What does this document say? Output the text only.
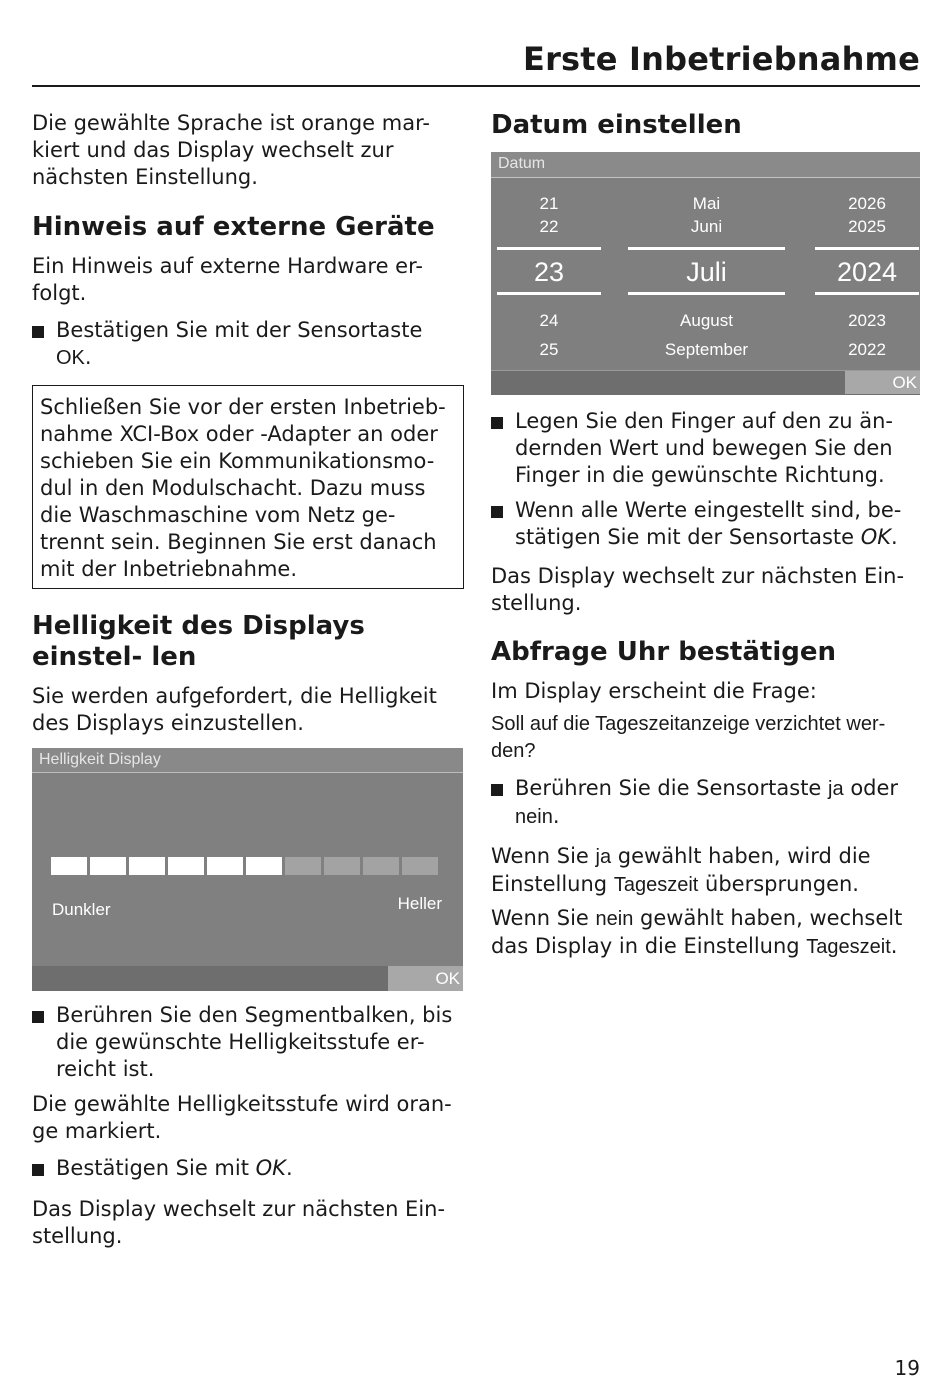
Erste Inbetriebnahme

Die gewählte Sprache ist orange mar- kiert und das Display wechselt zur nächsten Einstellung.

Hinweis auf externe Geräte

Ein Hinweis auf externe Hardware er- folgt.

Bestätigen Sie mit der Sensortaste OK.
Schließen Sie vor der ersten Inbetrieb- nahme XCI-Box oder -Adapter an oder schieben Sie ein Kommunikationsmo- dul in den Modulschacht. Dazu muss die Waschmaschine vom Netz ge- trennt sein. Beginnen Sie erst danach mit der Inbetriebnahme.
Helligkeit des Displays einstel- len

Sie werden aufgefordert, die Helligkeit des Displays einzustellen.

Helligkeit Display
Dunkler	Heller
OK
Berühren Sie den Segmentbalken, bis die gewünschte Helligkeitsstufe er- reicht ist.

Die gewählte Helligkeitsstufe wird oran- ge markiert.

Bestätigen Sie mit OK.

Das Display wechselt zur nächsten Ein- stellung.

Datum einstellen
Datum
21
22
23
24
25
Mai
Juni
Juli
August
September
2026
2025
2024
2023
2022
OK
Legen Sie den Finger auf den zu än- dernden Wert und bewegen Sie den Finger in die gewünschte Richtung.
Wenn alle Werte eingestellt sind, be- stätigen Sie mit der Sensortaste OK.

Das Display wechselt zur nächsten Ein- stellung.

Abfrage Uhr bestätigen

Im Display erscheint die Frage:

Soll auf die Tageszeitanzeige verzichtet wer- den?

Berühren Sie die Sensortaste ja oder nein.

Wenn Sie ja gewählt haben, wird die Einstellung Tageszeit übersprungen.

Wenn Sie nein gewählt haben, wechselt das Display in die Einstellung Tageszeit.

19
